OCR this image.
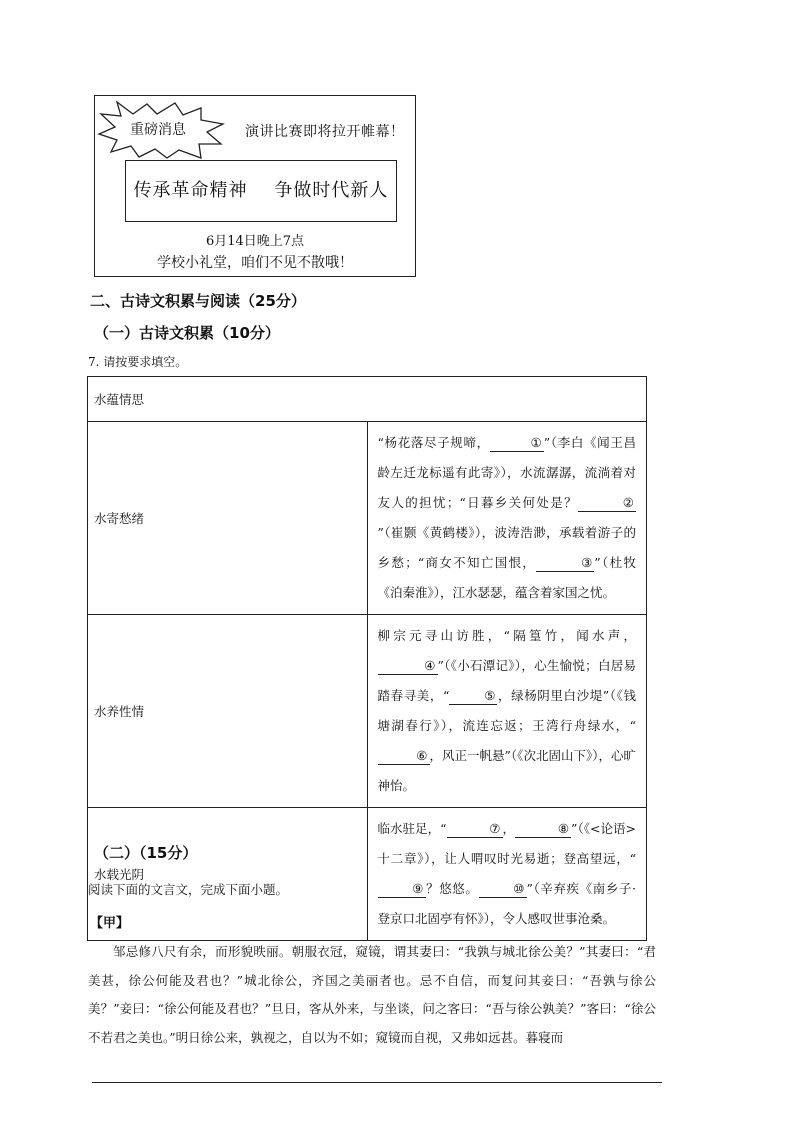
重磅消息	演讲比赛即将拉开帷幕！
传承革命精神    争做时代新人
6月14日晚上7点
学校小礼堂，咱们不见不散哦！
二、古诗文积累与阅读（25分）
（一）古诗文积累（10分）
7. 请按要求填空。
水蕴情思	
水寄愁绪	“杨花落尽子规啼， ① ”（李白《闻王昌龄左迁龙标遥有此寄》），水流潺潺，流淌着对友人的担忧；“日暮乡关何处是？ ②”（崔颢《黄鹤楼》），波涛浩渺，承载着游子的乡愁；“商女不知亡国恨， ③ ”（杜牧《泊秦淮》），江水瑟瑟，蕴含着家国之忧。
水养性情	柳宗元寻山访胜，“隔篁竹，闻水声，④ ”（《小石潭记》），心生愉悦；白居易踏春寻美，“ ⑤ ，绿杨阴里白沙堤”（《钱塘湖春行》），流连忘返；王湾行舟绿水，“⑥ ，风正一帆悬”（《次北固山下》），心旷神怡。
水载光阴	临水驻足，“ ⑦ ， ⑧ ”（《<论语>十二章》），让人喟叹时光易逝；登高望远，“⑨ ？悠悠。 ⑩ ”（辛弃疾《南乡子·登京口北固亭有怀》），令人感叹世事沧桑。
（二）（15分）
阅读下面的文言文，完成下面小题。
【甲】
邹忌修八尺有余，而形貌昳丽。朝服衣冠，窥镜，谓其妻曰：“我孰与城北徐公美？”其妻曰：“君美甚，徐公何能及君也？”城北徐公，齐国之美丽者也。忌不自信，而复问其妾曰：“吾孰与徐公美？”妾曰：“徐公何能及君也？”旦日，客从外来，与坐谈，问之客曰：“吾与徐公孰美？”客曰：“徐公不若君之美也。”明日徐公来，孰视之，自以为不如；窥镜而自视，又弗如远甚。暮寝而
